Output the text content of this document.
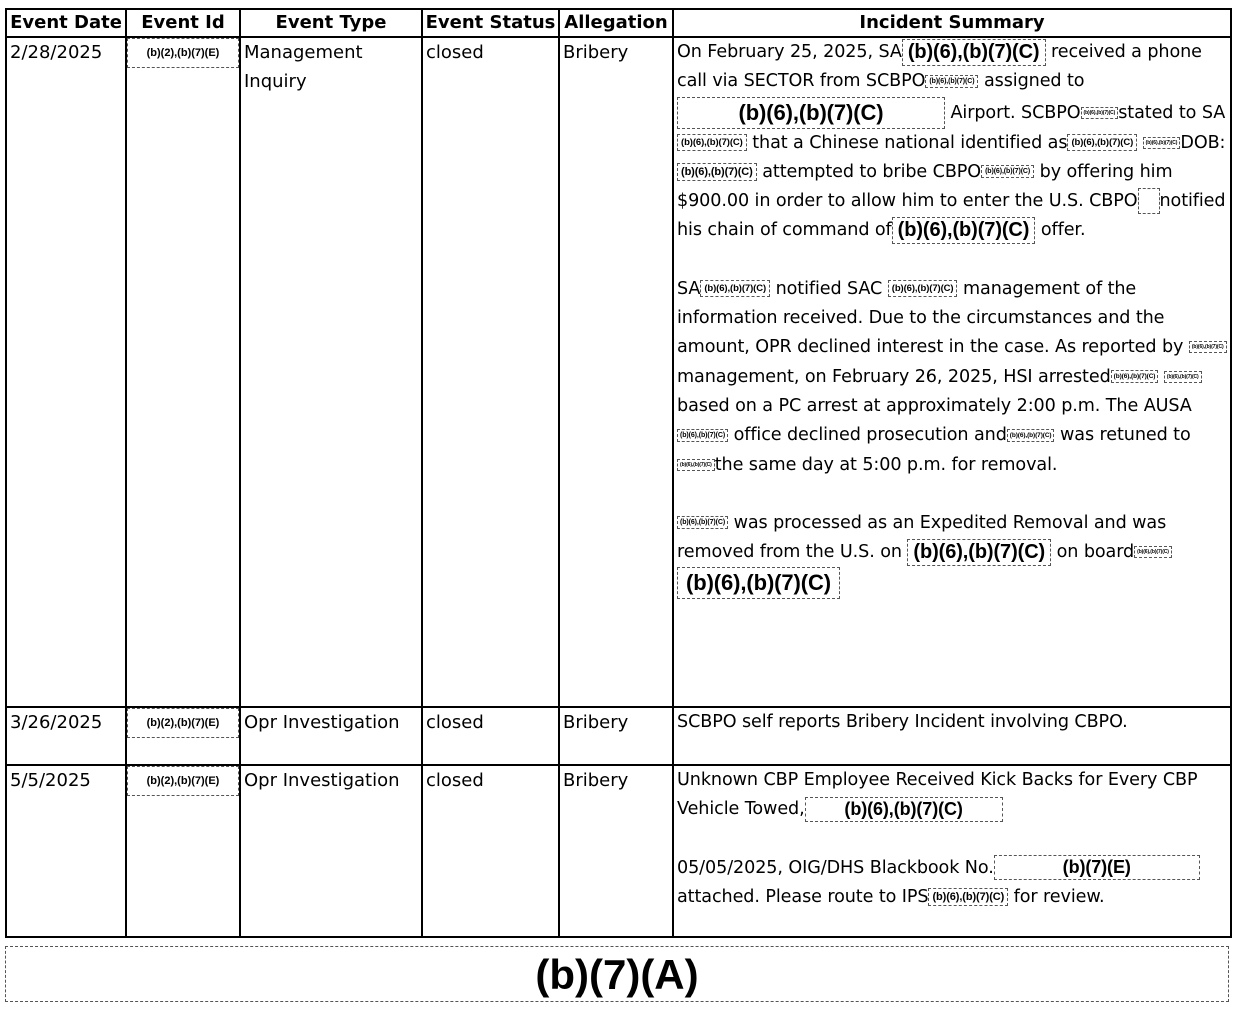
Event Date	Event Id	Event Type	Event Status	Allegation	Incident Summary
2/28/2025	(b)(2),(b)(7)(E)	Management Inquiry	closed	Bribery	On February 25, 2025, SA (b)(6),(b)(7)(C) received a phone call via SECTOR from SCBPO (b)(6),(b)(7)(C) assigned to (b)(6),(b)(7)(C) Airport. SCBPO (b)(6),(b)(7)(C) stated to SA(b)(6),(b)(7)(C) that a Chinese national identified as (b)(6),(b)(7)(C) (b)(6),(b)(7)(C) DOB:(b)(6),(b)(7)(C) attempted to bribe CBPO (b)(6),(b)(7)(C) by offering him $900.00 in order to allow him to enter the U.S. CBPO…notified his chain of command of (b)(6),(b)(7)(C) offer.

SA (b)(6),(b)(7)(C) notified SAC (b)(6),(b)(7)(C) management of the information received. Due to the circumstances and the amount, OPR declined interest in the case. As reported by (b)(6),(b)(7)(C)management, on February 26, 2025, HSI arrested (b)(6),(b)(7)(C) (b)(6),(b)(7)(C)based on a PC arrest at approximately 2:00 p.m. The AUSA(b)(6),(b)(7)(C) office declined prosecution and (b)(6),(b)(7)(C) was retuned to(b)(6),(b)(7)(C) the same day at 5:00 p.m. for removal.

(b)(6),(b)(7)(C) was processed as an Expedited Removal and was removed from the U.S. on (b)(6),(b)(7)(C) on board (b)(6),(b)(7)(C)
(b)(6),(b)(7)(C)

3/26/2025	(b)(2),(b)(7)(E)	Opr Investigation	closed	Bribery	SCBPO self reports Bribery Incident involving CBPO.
5/5/2025	(b)(2),(b)(7)(E)	Opr Investigation	closed	Bribery	Unknown CBP Employee Received Kick Backs for Every CBP Vehicle Towed, (b)(6),(b)(7)(C)

05/05/2025, OIG/DHS Blackbook No. (b)(7)(E) attached. Please route to IPS (b)(6),(b)(7)(C) for review.

(b)(7)(A)
